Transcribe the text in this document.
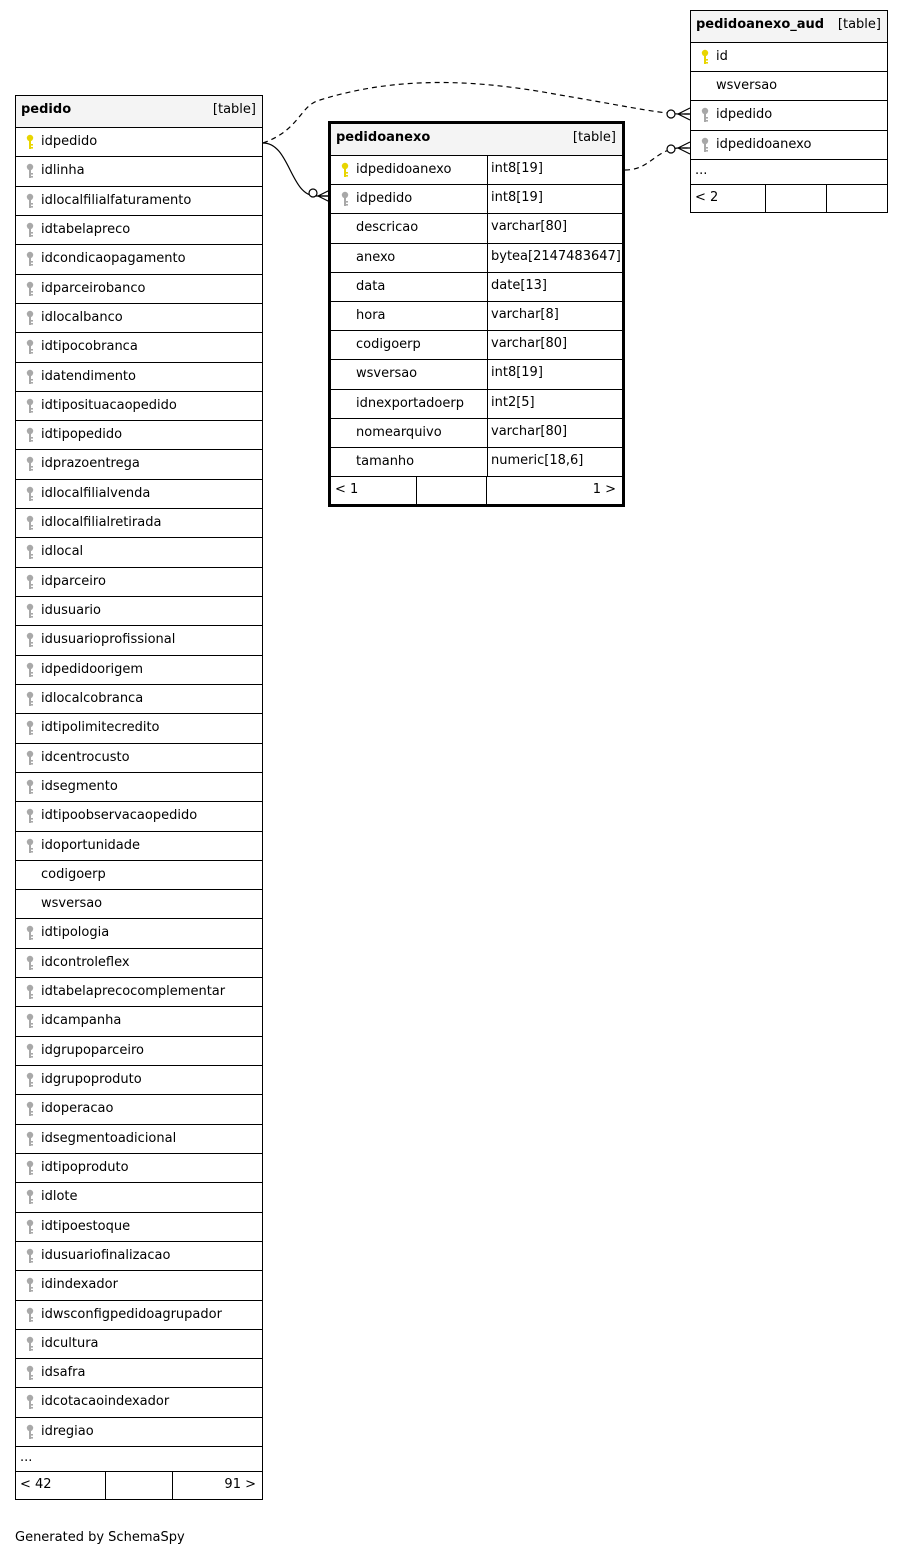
pedido	[table]
idpedido
idlinha
idlocalfilialfaturamento
idtabelapreco
idcondicaopagamento
idparceirobanco
idlocalbanco
idtipocobranca
idatendimento
idtiposituacaopedido
idtipopedido
idprazoentrega
idlocalfilialvenda
idlocalfilialretirada
idlocal
idparceiro
idusuario
idusuarioprofissional
idpedidoorigem
idlocalcobranca
idtipolimitecredito
idcentrocusto
idsegmento
idtipoobservacaopedido
idoportunidade
codigoerp
wsversao
idtipologia
idcontroleflex
idtabelaprecocomplementar
idcampanha
idgrupoparceiro
idgrupoproduto
idoperacao
idsegmentoadicional
idtipoproduto
idlote
idtipoestoque
idusuariofinalizacao
idindexador
idwsconfigpedidoagrupador
idcultura
idsafra
idcotacaoindexador
idregiao
...
< 42	91 >
pedidoanexo	[table]
idpedidoanexo	int8[19]
idpedido	int8[19]
descricao	varchar[80]
anexo	bytea[2147483647]
data	date[13]
hora	varchar[8]
codigoerp	varchar[80]
wsversao	int8[19]
idnexportadoerp	int2[5]
nomearquivo	varchar[80]
tamanho	numeric[18,6]
< 1	1 >
pedidoanexo_aud [table]
id
wsversao
idpedido
idpedidoanexo
...
< 2
Generated by SchemaSpy
